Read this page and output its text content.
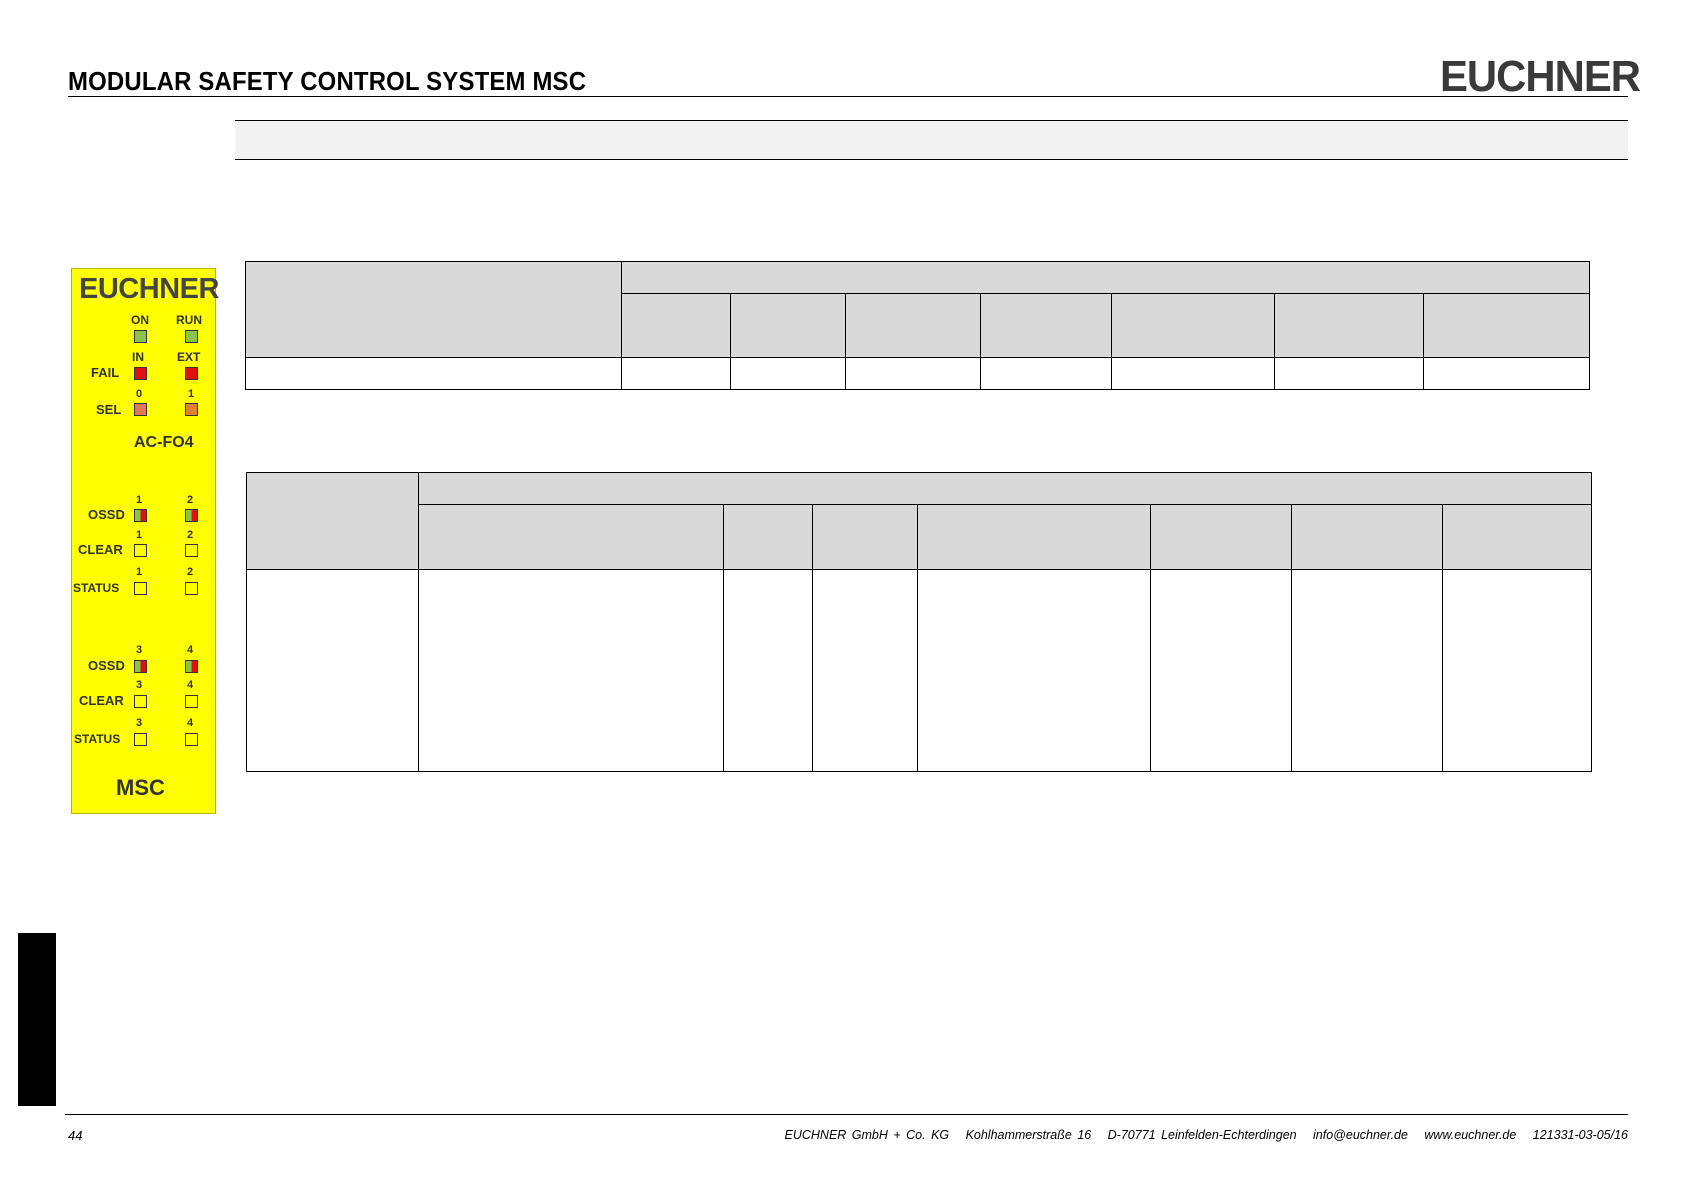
MODULAR SAFETY CONTROL SYSTEM MSC	EUCHNER
EUCHNER
ON RUN
IN	EXT
FAIL
0	1
SEL
AC-FO4
1	2
OSSD
1	2
CLEAR
1	2
STATUS
3	4
OSSD
3	4
CLEAR
3	4
STATUS
MSC

44	EUCHNER GmbH + Co. KG Kohlhammerstraße 16 D-70771 Leinfelden-Echterdingen info@euchner.de www.euchner.de 121331-03-05/16
